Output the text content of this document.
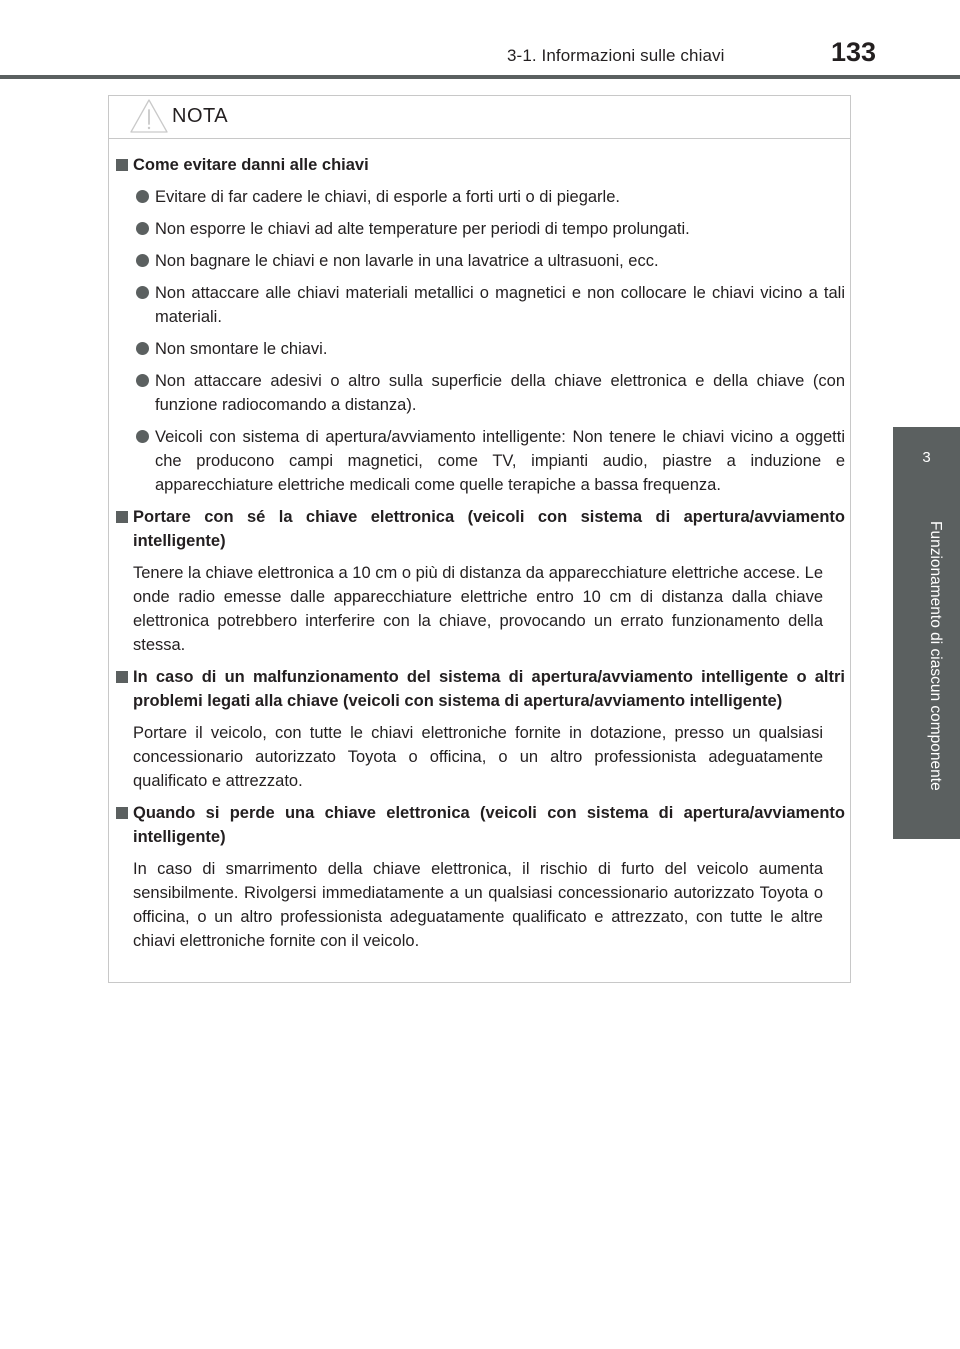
3-1. Informazioni sulle chiavi	133
3
Funzionamento di ciascun componente
NOTA
Come evitare danni alle chiavi
Evitare di far cadere le chiavi, di esporle a forti urti o di piegarle.
Non esporre le chiavi ad alte temperature per periodi di tempo prolungati.
Non bagnare le chiavi e non lavarle in una lavatrice a ultrasuoni, ecc.
Non attaccare alle chiavi materiali metallici o magnetici e non collocare le chiavi vicino a tali materiali.
Non smontare le chiavi.
Non attaccare adesivi o altro sulla superficie della chiave elettronica e della chiave (con funzione radiocomando a distanza).
Veicoli con sistema di apertura/avviamento intelligente: Non tenere le chiavi vicino a oggetti che producono campi magnetici, come TV, impianti audio, piastre a induzione e apparecchiature elettriche medicali come quelle terapiche a bassa frequenza.
Portare con sé la chiave elettronica (veicoli con sistema di apertura/avviamento intelligente)
Tenere la chiave elettronica a 10 cm o più di distanza da apparecchiature elettriche accese. Le onde radio emesse dalle apparecchiature elettriche entro 10 cm di distanza dalla chiave elettronica potrebbero interferire con la chiave, provocando un errato funzionamento della stessa.
In caso di un malfunzionamento del sistema di apertura/avviamento intelligente o altri problemi legati alla chiave (veicoli con sistema di apertura/avviamento intelligente)
Portare il veicolo, con tutte le chiavi elettroniche fornite in dotazione, presso un qualsiasi concessionario autorizzato Toyota o officina, o un altro professionista adeguatamente qualificato e attrezzato.
Quando si perde una chiave elettronica (veicoli con sistema di apertura/avviamento intelligente)
In caso di smarrimento della chiave elettronica, il rischio di furto del veicolo aumenta sensibilmente. Rivolgersi immediatamente a un qualsiasi concessionario autorizzato Toyota o officina, o un altro professionista adeguatamente qualificato e attrezzato, con tutte le altre chiavi elettroniche fornite con il veicolo.
